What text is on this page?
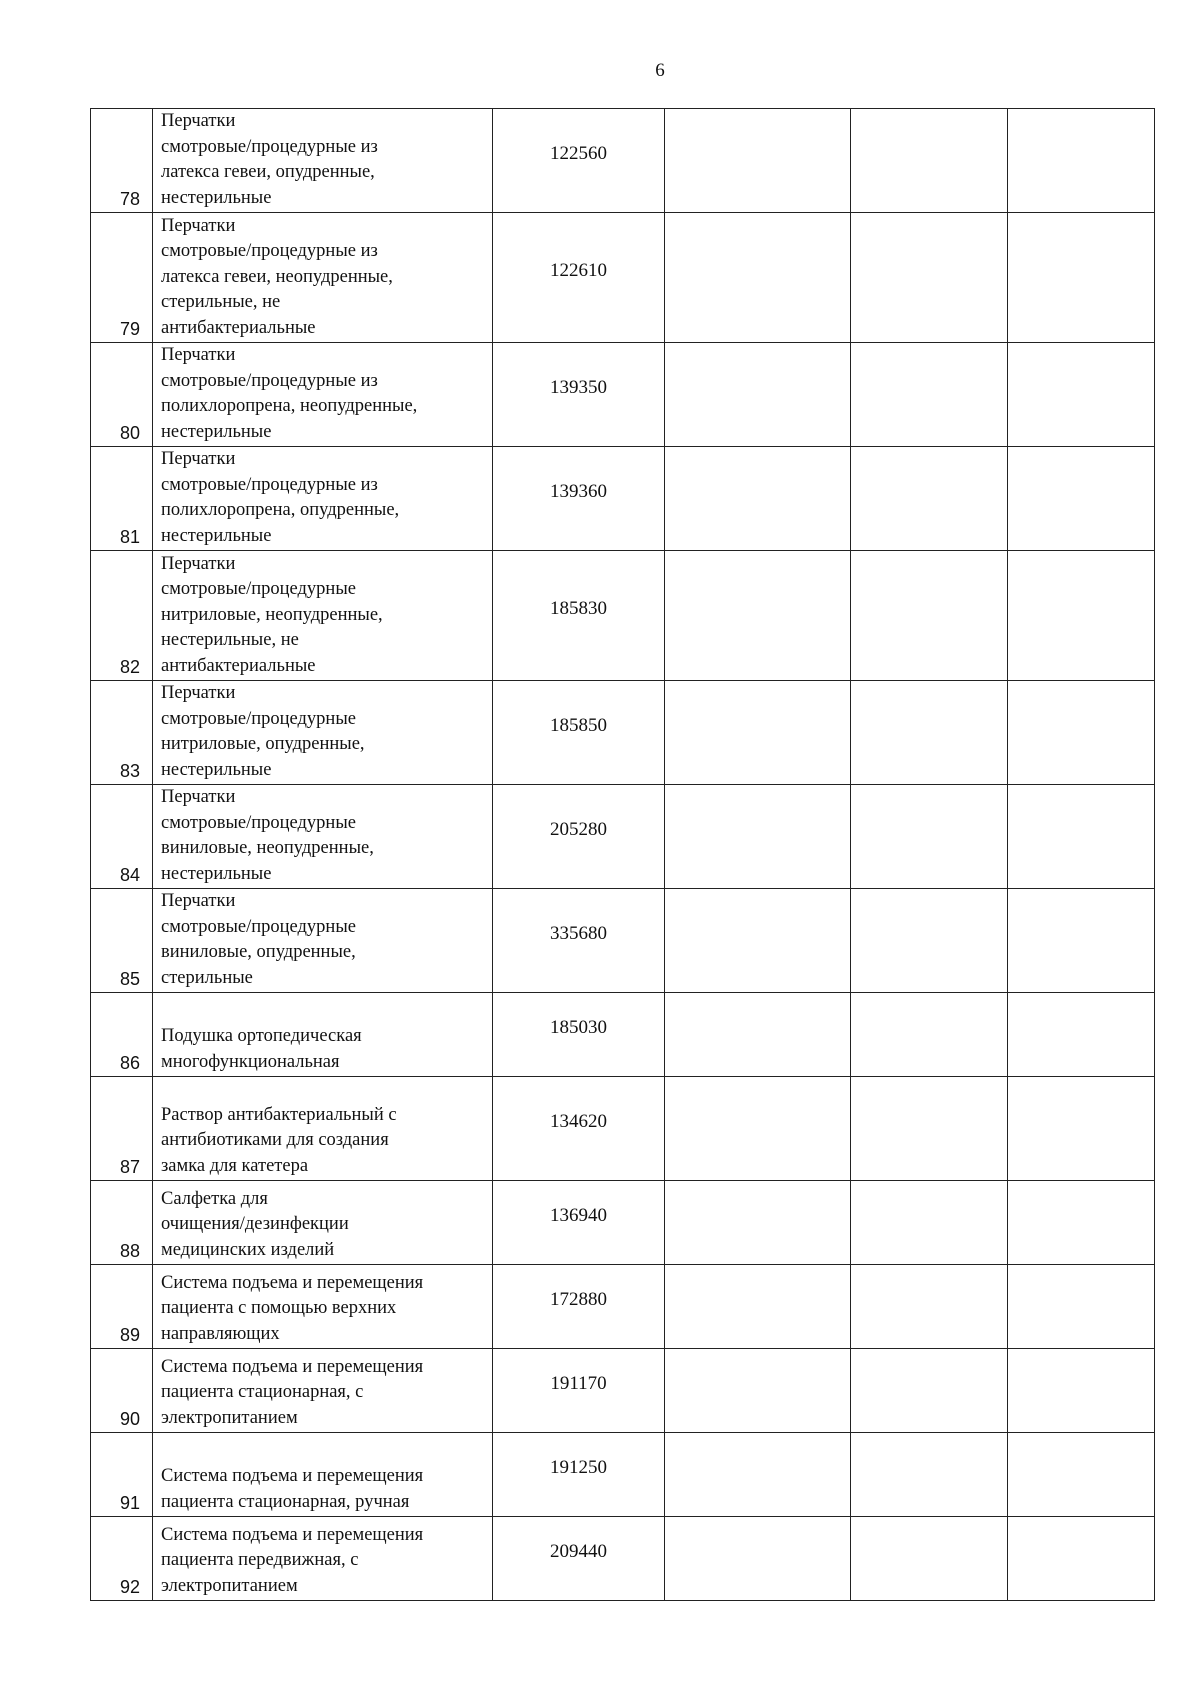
6
78	Перчатки
смотровые/процедурные из
латекса гевеи, опудренные,
нестерильные	122560			
79	Перчатки
смотровые/процедурные из
латекса гевеи, неопудренные,
стерильные, не
антибактериальные	122610			
80	Перчатки
смотровые/процедурные из
полихлоропрена, неопудренные,
нестерильные	139350			
81	Перчатки
смотровые/процедурные из
полихлоропрена, опудренные,
нестерильные	139360			
82	Перчатки
смотровые/процедурные
нитриловые, неопудренные,
нестерильные, не
антибактериальные	185830			
83	Перчатки
смотровые/процедурные
нитриловые, опудренные,
нестерильные	185850			
84	Перчатки
смотровые/процедурные
виниловые, неопудренные,
нестерильные	205280			
85	Перчатки
смотровые/процедурные
виниловые, опудренные,
стерильные	335680			
86	Подушка ортопедическая
многофункциональная	185030			
87	Раствор антибактериальный с
антибиотиками для создания
замка для катетера	134620			
88	Салфетка для
очищения/дезинфекции
медицинских изделий	136940			
89	Система подъема и перемещения
пациента с помощью верхних
направляющих	172880			
90	Система подъема и перемещения
пациента стационарная, с
электропитанием	191170			
91	Система подъема и перемещения
пациента стационарная, ручная	191250			
92	Система подъема и перемещения
пациента передвижная, с
электропитанием	209440			
